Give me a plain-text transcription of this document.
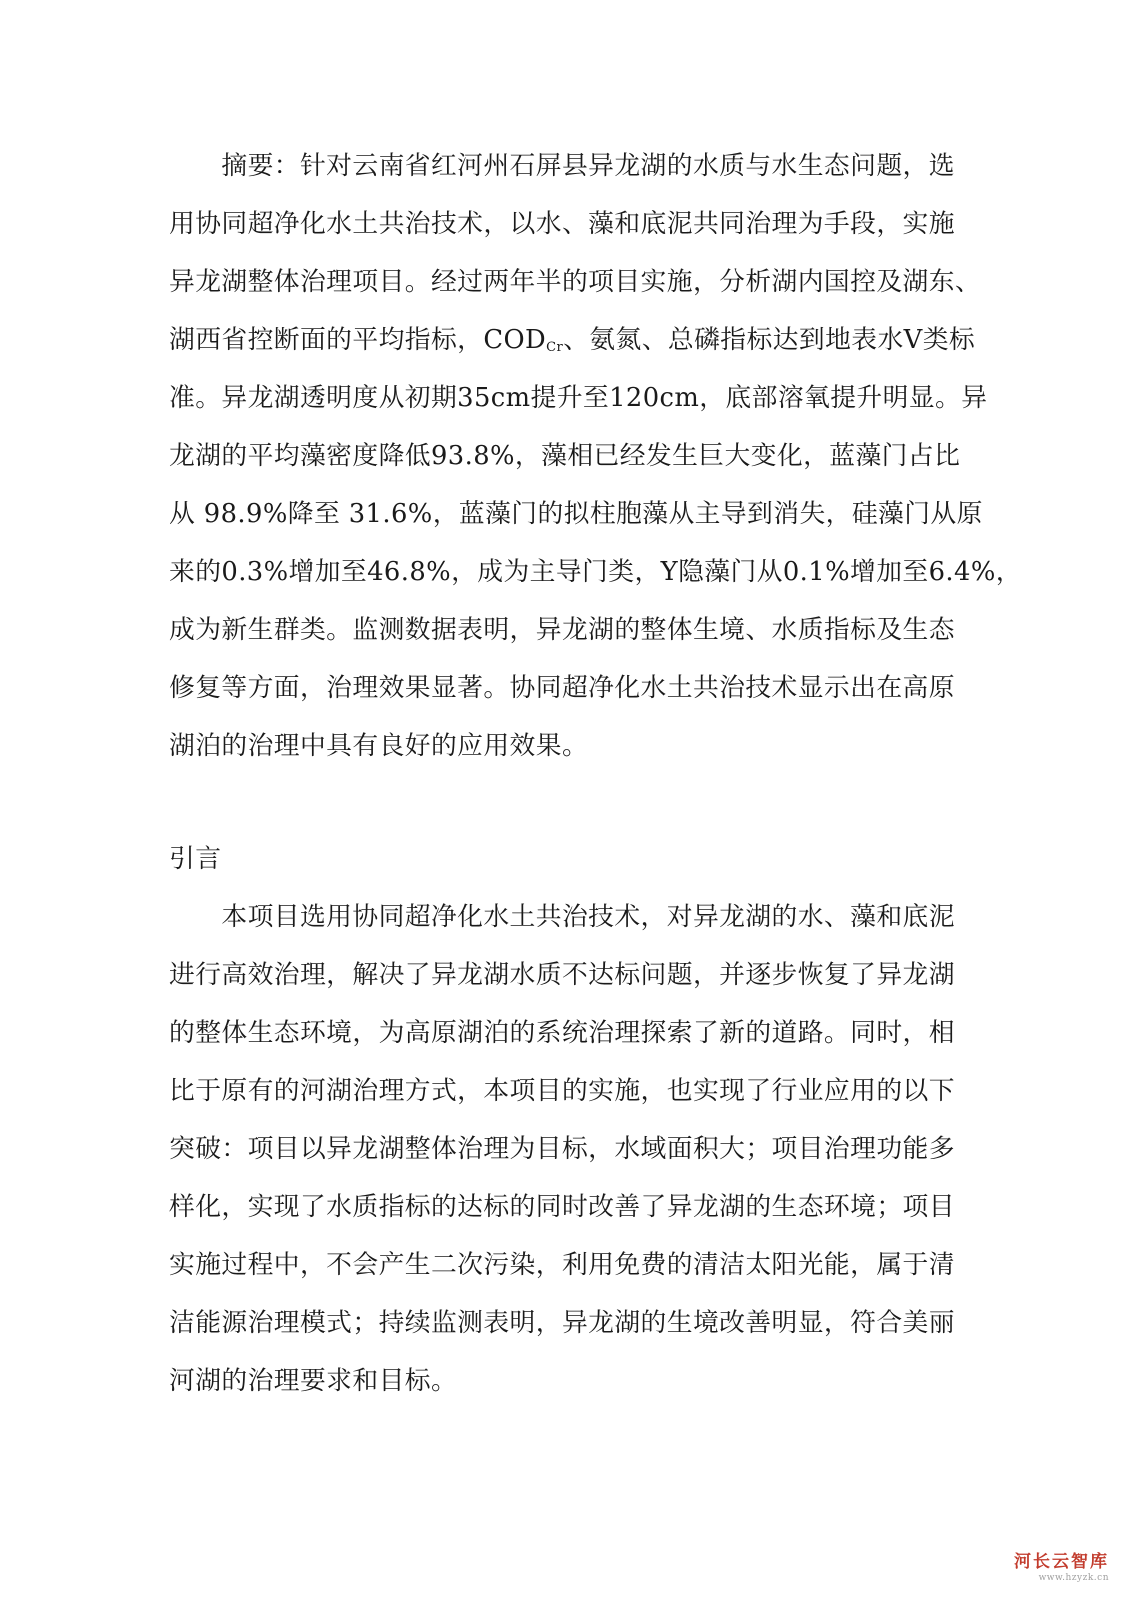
　　摘要：针对云南省红河州石屏县异龙湖的水质与水生态问题，选
用协同超净化水土共治技术，以水、藻和底泥共同治理为手段，实施
异龙湖整体治理项目。经过两年半的项目实施，分析湖内国控及湖东、
湖西省控断面的平均指标，$COD_{Cr}$、氨氮、总磷指标达到地表水Ⅴ类标
准。异龙湖透明度从初期35cm提升至120cm，底部溶氧提升明显。异
龙湖的平均藻密度降低93.8%，藻相已经发生巨大变化，蓝藻门占比
从 98.9%降至 31.6%，蓝藻门的拟柱胞藻从主导到消失，硅藻门从原
来的0.3%增加至46.8%，成为主导门类，Y隐藻门从0.1%增加至6.4%，
成为新生群类。监测数据表明，异龙湖的整体生境、水质指标及生态
修复等方面，治理效果显著。协同超净化水土共治技术显示出在高原
湖泊的治理中具有良好的应用效果。
引言
　　本项目选用协同超净化水土共治技术，对异龙湖的水、藻和底泥
进行高效治理，解决了异龙湖水质不达标问题，并逐步恢复了异龙湖
的整体生态环境，为高原湖泊的系统治理探索了新的道路。同时，相
比于原有的河湖治理方式，本项目的实施，也实现了行业应用的以下
突破：项目以异龙湖整体治理为目标，水域面积大；项目治理功能多
样化，实现了水质指标的达标的同时改善了异龙湖的生态环境；项目
实施过程中，不会产生二次污染，利用免费的清洁太阳光能，属于清
洁能源治理模式；持续监测表明，异龙湖的生境改善明显，符合美丽
河湖的治理要求和目标。
河长云智库
www.hzyzk.cn
